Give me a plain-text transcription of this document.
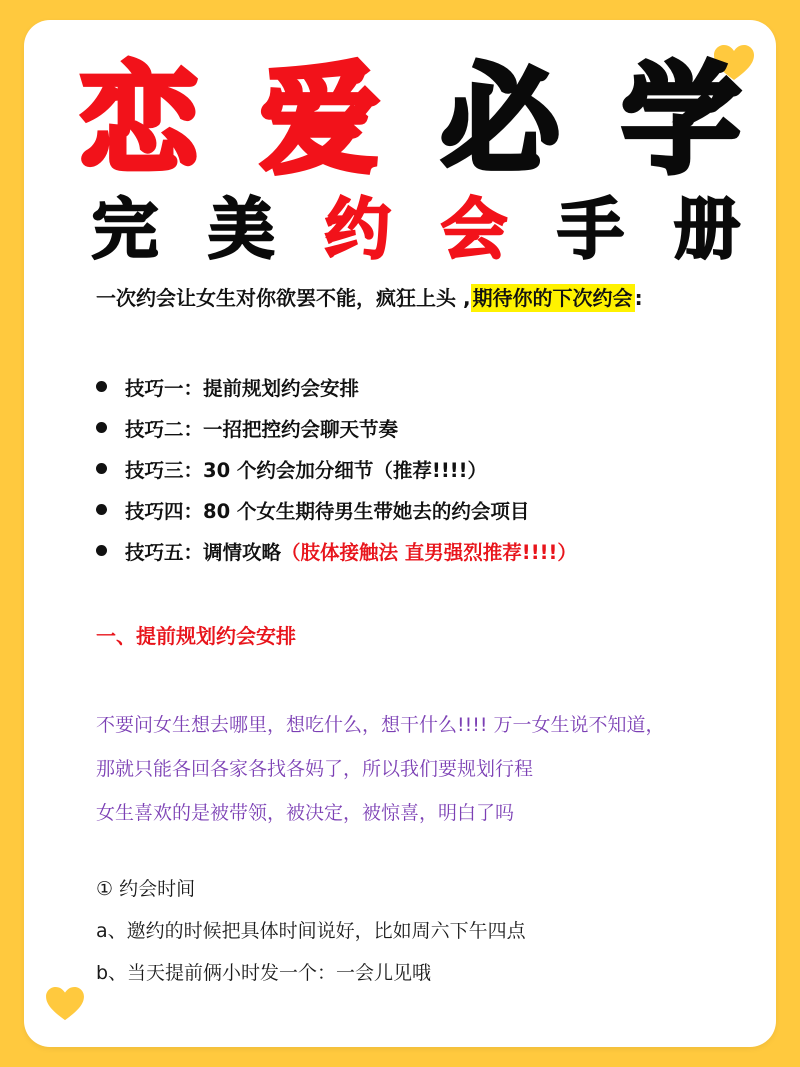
恋 爱 必 学
完 美 约 会 手 册
一次约会让女生对你欲罢不能，疯狂上头 , 期待你的下次约会 :
技巧一：提前规划约会安排
技巧二：一招把控约会聊天节奏
技巧三：30 个约会加分细节（推荐!!!!）
技巧四：80 个女生期待男生带她去的约会项目
技巧五：调情攻略 （肢体接触法 直男强烈推荐!!!!）
一、提前规划约会安排
不要问女生想去哪里，想吃什么，想干什么!!!! 万一女生说不知道，
那就只能各回各家各找各妈了，所以我们要规划行程
女生喜欢的是被带领，被决定，被惊喜，明白了吗
① 约会时间
a、邀约的时候把具体时间说好，比如周六下午四点
b、当天提前俩小时发一个：一会儿见哦
